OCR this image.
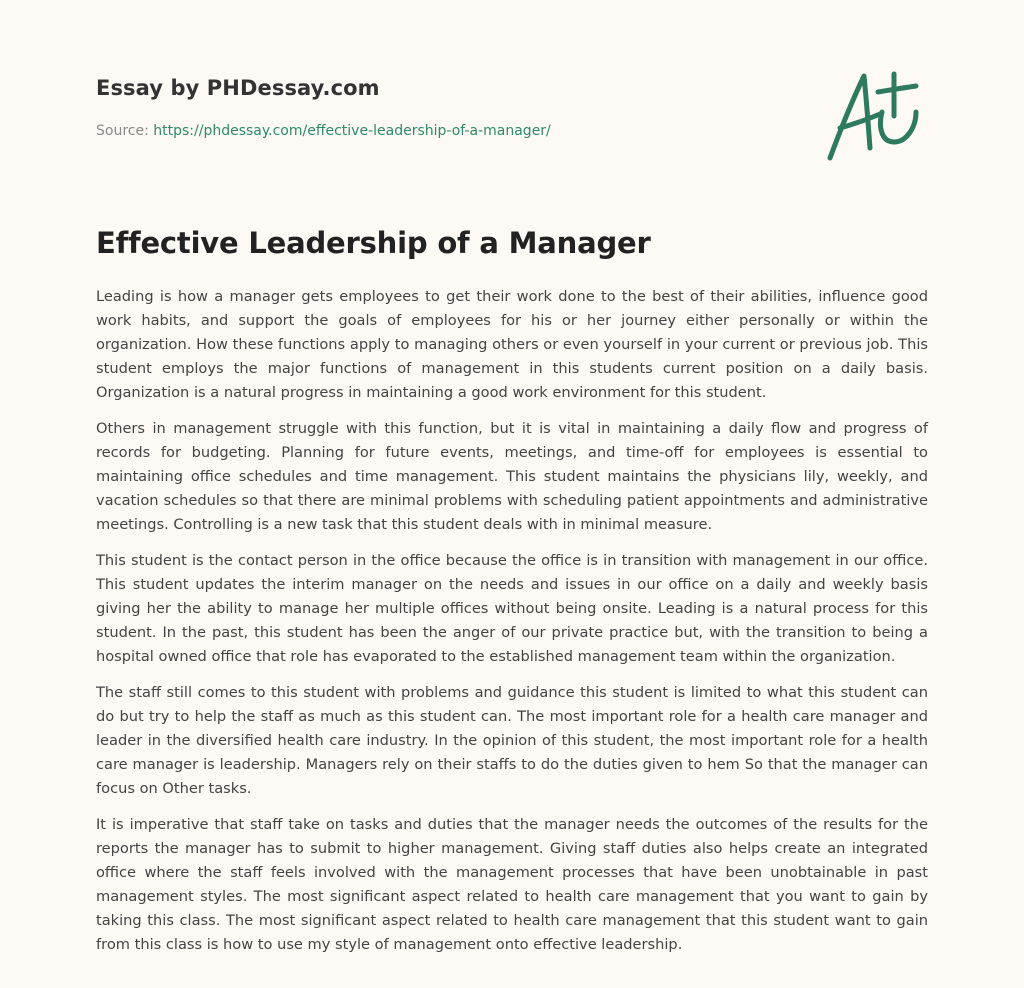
Essay by PHDessay.com
Source: https://phdessay.com/effective-leadership-of-a-manager/
Effective Leadership of a Manager

Leading is how a manager gets employees to get their work done to the best of their abilities, influence good work habits, and support the goals of employees for his or her journey either personally or within the organization. How these functions apply to managing others or even yourself in your current or previous job. This student employs the major functions of management in this students current position on a daily basis. Organization is a natural progress in maintaining a good work environment for this student.

Others in management struggle with this function, but it is vital in maintaining a daily flow and progress of records for budgeting. Planning for future events, meetings, and time-off for employees is essential to maintaining office schedules and time management. This student maintains the physicians lily, weekly, and vacation schedules so that there are minimal problems with scheduling patient appointments and administrative meetings. Controlling is a new task that this student deals with in minimal measure.

This student is the contact person in the office because the office is in transition with management in our office. This student updates the interim manager on the needs and issues in our office on a daily and weekly basis giving her the ability to manage her multiple offices without being onsite. Leading is a natural process for this student. In the past, this student has been the anger of our private practice but, with the transition to being a hospital owned office that role has evaporated to the established management team within the organization.

The staff still comes to this student with problems and guidance this student is limited to what this student can do but try to help the staff as much as this student can. The most important role for a health care manager and leader in the diversified health care industry. In the opinion of this student, the most important role for a health care manager is leadership. Managers rely on their staffs to do the duties given to hem So that the manager can focus on Other tasks.

It is imperative that staff take on tasks and duties that the manager needs the outcomes of the results for the reports the manager has to submit to higher management. Giving staff duties also helps create an integrated office where the staff feels involved with the management processes that have been unobtainable in past management styles. The most significant aspect related to health care management that you want to gain by taking this class. The most significant aspect related to health care management that this student want to gain from this class is how to use my style of management onto effective leadership.
